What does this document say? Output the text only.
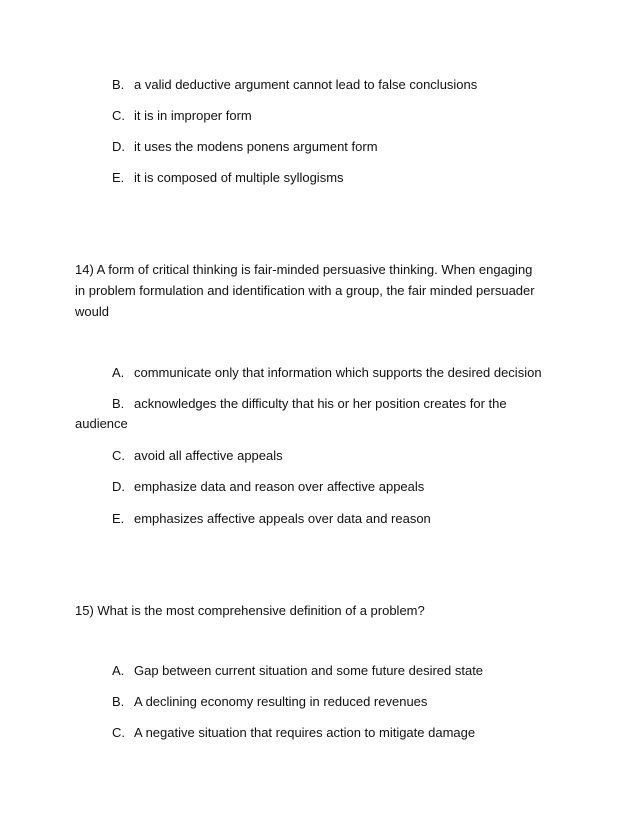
B. a valid deductive argument cannot lead to false conclusions
C. it is in improper form
D. it uses the modens ponens argument form
E. it is composed of multiple syllogisms
14) A form of critical thinking is fair-minded persuasive thinking. When engaging
in problem formulation and identification with a group, the fair minded persuader
would
A. communicate only that information which supports the desired decision
B. acknowledges the difficulty that his or her position creates for the
audience
C. avoid all affective appeals
D. emphasize data and reason over affective appeals
E. emphasizes affective appeals over data and reason
15) What is the most comprehensive definition of a problem?
A. Gap between current situation and some future desired state
B. A declining economy resulting in reduced revenues
C. A negative situation that requires action to mitigate damage
